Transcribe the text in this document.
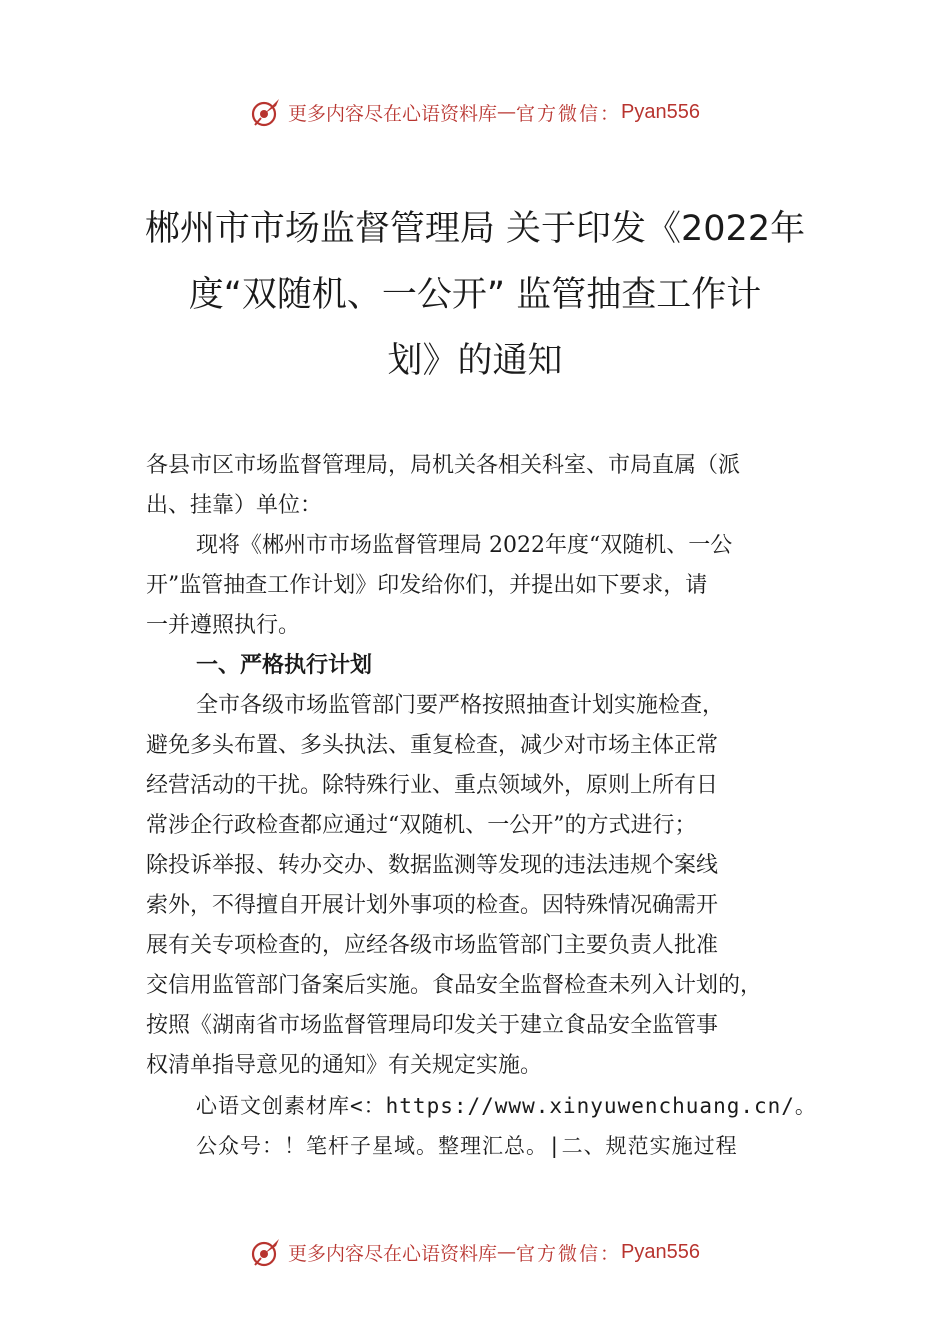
更多内容尽在心语资料库 — 官方微信： Pyan556
郴州市市场监督管理局 关于印发《2022年
度“双随机、一公开” 监管抽查工作计
划》的通知

各县市区市场监督管理局，局机关各相关科室、市局直属（派

出、挂靠）单位：

现将《郴州市市场监督管理局 2022年度“双随机、一公

开”监管抽查工作计划》印发给你们，并提出如下要求，请

一并遵照执行。

一、严格执行计划

全市各级市场监管部门要严格按照抽查计划实施检查，

避免多头布置、多头执法、重复检查，减少对市场主体正常

经营活动的干扰。除特殊行业、重点领域外，原则上所有日

常涉企行政检查都应通过“双随机、一公开”的方式进行；

除投诉举报、转办交办、数据监测等发现的违法违规个案线

索外，不得擅自开展计划外事项的检查。因特殊情况确需开

展有关专项检查的，应经各级市场监管部门主要负责人批准

交信用监管部门备案后实施。食品安全监督检查未列入计划的，

按照《湖南省市场监督管理局印发关于建立食品安全监管事

权清单指导意见的通知》有关规定实施。

心语文创素材库<：https://www.xinyuwenchuang.cn/。

公众号：！笔杆子星域。整理汇总。|二、规范实施过程

更多内容尽在心语资料库 — 官方微信： Pyan556
